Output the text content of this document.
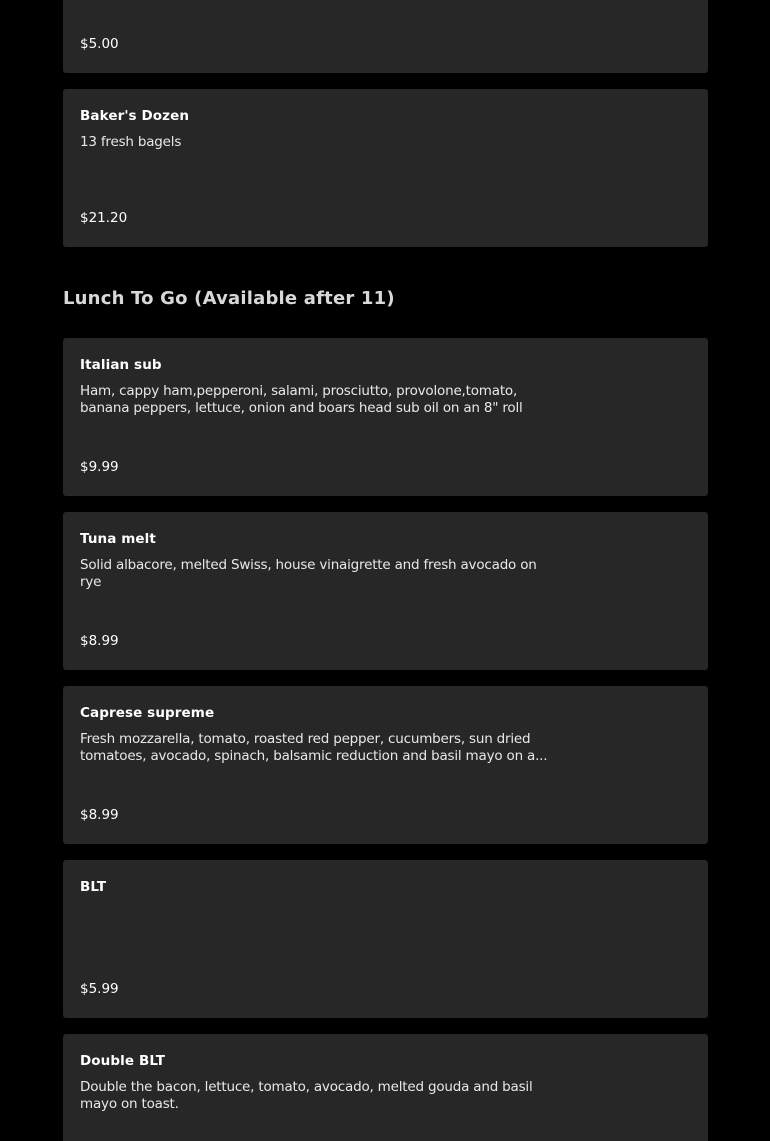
$5.00
Baker's Dozen
13 fresh bagels
$21.20
Lunch To Go (Available after 11)
Italian sub
Ham, cappy ham,pepperoni, salami, prosciutto, provolone,tomato, banana peppers, lettuce, onion and boars head sub oil on an 8" roll
$9.99
Tuna melt
Solid albacore, melted Swiss, house vinaigrette and fresh avocado on rye
$8.99
Caprese supreme
Fresh mozzarella, tomato, roasted red pepper, cucumbers, sun dried tomatoes, avocado, spinach, balsamic reduction and basil mayo on a...
$8.99
BLT
$5.99
Double BLT
Double the bacon, lettuce, tomato, avocado, melted gouda and basil mayo on toast.
